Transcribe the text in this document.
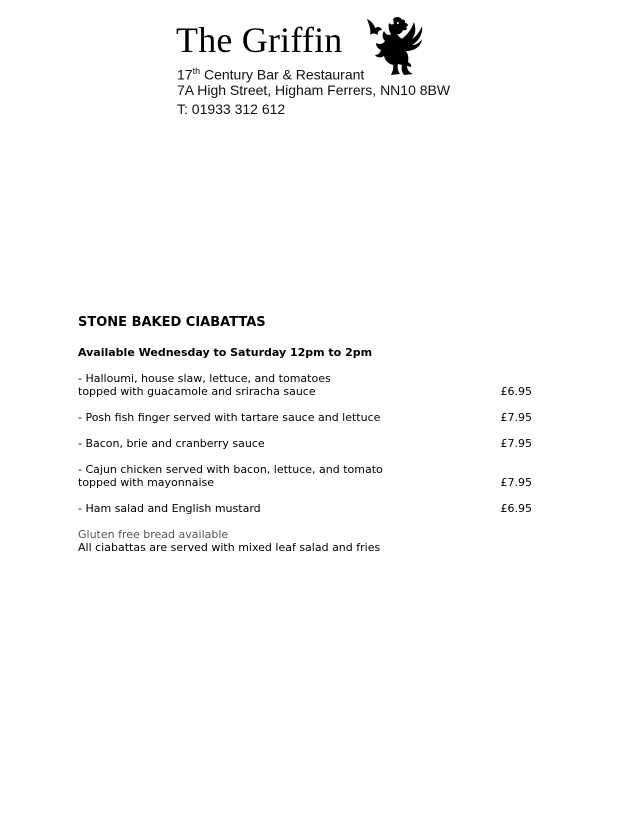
The Griffin
17th Century Bar & Restaurant
7A High Street, Higham Ferrers, NN10 8BW
T: 01933 312 612
STONE BAKED CIABATTAS
Available Wednesday to Saturday 12pm to 2pm
- Halloumi, house slaw, lettuce, and tomatoes
topped with guacamole and sriracha sauce	£6.95
- Posh fish finger served with tartare sauce and lettuce	£7.95
- Bacon, brie and cranberry sauce	£7.95
- Cajun chicken served with bacon, lettuce, and tomato
topped with mayonnaise	£7.95
- Ham salad and English mustard	£6.95
Gluten free bread available
All ciabattas are served with mixed leaf salad and fries
